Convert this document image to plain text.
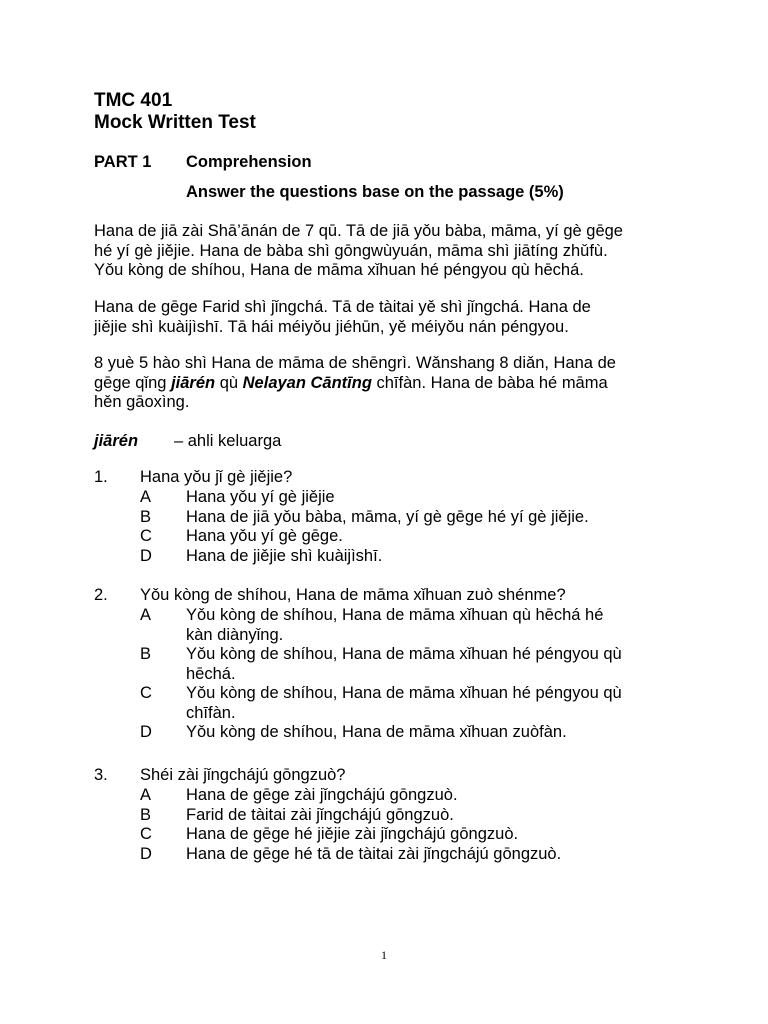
TMC 401
Mock Written Test
PART 1 Comprehension
Answer the questions base on the passage (5%)

Hana de jiā zài Shā’ānán de 7 qū. Tā de jiā yǒu bàba, māma, yí gè gēge
hé yí gè jiějie. Hana de bàba shì gōngwùyuán, māma shì jiātíng zhǔfù.
Yǒu kòng de shíhou, Hana de māma xǐhuan hé péngyou qù hēchá.

Hana de gēge Farid shì jǐngchá. Tā de tàitai yě shì jǐngchá. Hana de
jiějie shì kuàijìshī. Tā hái méiyǒu jiéhūn, yě méiyǒu nán péngyou.

8 yuè 5 hào shì Hana de māma de shēngrì. Wǎnshang 8 diǎn, Hana de
gēge qǐng jiārén qù Nelayan Cāntīng chīfàn. Hana de bàba hé māma
hěn gāoxìng.

jiārén – ahli keluarga
1. Hana yǒu jǐ gè jiějie?
A Hana yǒu yí gè jiějie
B Hana de jiā yǒu bàba, māma, yí gè gēge hé yí gè jiějie.
C Hana yǒu yí gè gēge.
D Hana de jiějie shì kuàijìshī.
2. Yǒu kòng de shíhou, Hana de māma xǐhuan zuò shénme?
A Yǒu kòng de shíhou, Hana de māma xǐhuan qù hēchá hé
kàn diànyǐng.
B Yǒu kòng de shíhou, Hana de māma xǐhuan hé péngyou qù
hēchá.
C Yǒu kòng de shíhou, Hana de māma xǐhuan hé péngyou qù
chīfàn.
D Yǒu kòng de shíhou, Hana de māma xǐhuan zuòfàn.
3. Shéi zài jǐngchájú gōngzuò?
A Hana de gēge zài jǐngchájú gōngzuò.
B Farid de tàitai zài jǐngchájú gōngzuò.
C Hana de gēge hé jiějie zài jǐngchájú gōngzuò.
D Hana de gēge hé tā de tàitai zài jǐngchájú gōngzuò.
1
